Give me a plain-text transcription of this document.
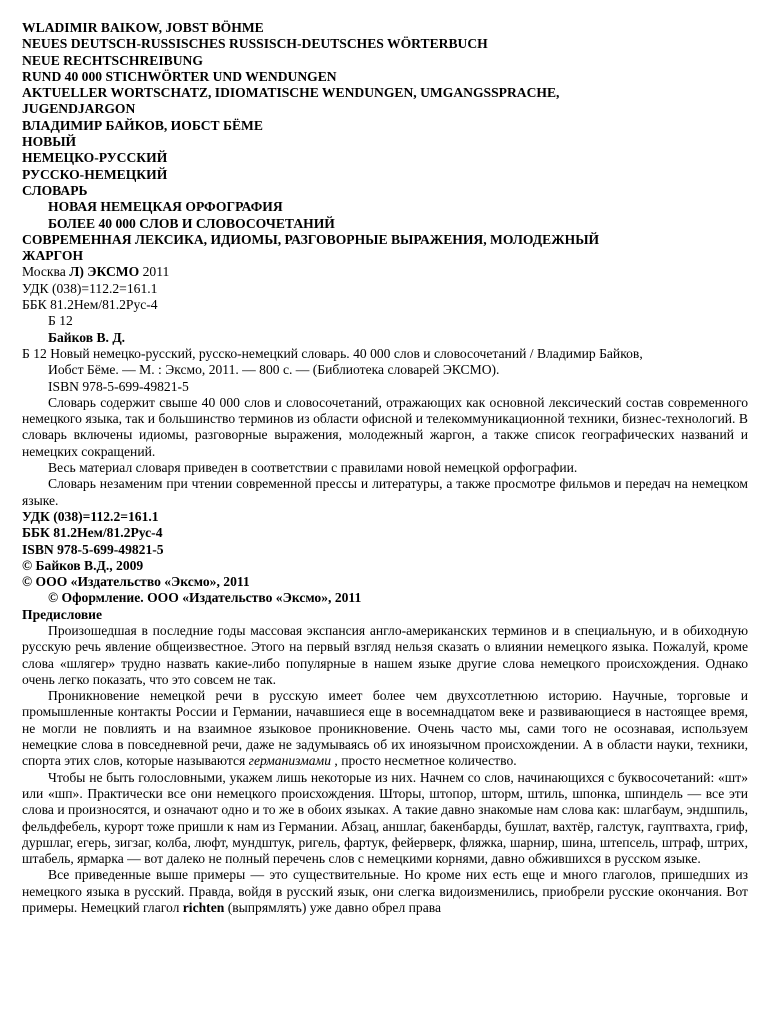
WLADIMIR BAIKOW, JOBST BÖHME
NEUES DEUTSCH-RUSSISCHES RUSSISCH-DEUTSCHES WÖRTERBUCH
NEUE RECHTSCHREIBUNG
RUND 40 000 STICHWÖRTER UND WENDUNGEN
AKTUELLER WORTSCHATZ, IDIOMATISCHE WENDUNGEN, UMGANGSSPRACHE,
JUGENDJARGON
ВЛАДИМИР БАЙКОВ, ИОБСТ БЁМЕ
НОВЫЙ
НЕМЕЦКО-РУССКИЙ
РУССКО-НЕМЕЦКИЙ
СЛОВАРЬ
НОВАЯ НЕМЕЦКАЯ ОРФОГРАФИЯ
БОЛЕЕ 40 000 СЛОВ И СЛОВОСОЧЕТАНИЙ
СОВРЕМЕННАЯ ЛЕКСИКА, ИДИОМЫ, РАЗГОВОРНЫЕ ВЫРАЖЕНИЯ, МОЛОДЕЖНЫЙ
ЖАРГОН
Москва Л) ЭКСМО 2011
УДК (038)=112.2=161.1
ББК 81.2Нем/81.2Рус-4
Б 12
Байков В. Д.
Б 12 Новый немецко-русский, русско-немецкий словарь. 40 000 слов и словосочетаний / Владимир Байков,
Иобст Бёме. — М. : Эксмо, 2011. — 800 с. — (Библиотека словарей ЭКСМО).
ISBN 978-5-699-49821-5
Словарь содержит свыше 40 000 слов и словосочетаний, отражающих как основной лексический состав современного немецкого языка, так и большинство терминов из области офисной и телекоммуникационной техники, бизнес-технологий. В словарь включены идиомы, разговорные выражения, молодежный жаргон, а также список географических названий и немецких сокращений.
Весь материал словаря приведен в соответствии с правилами новой немецкой орфографии.
Словарь незаменим при чтении современной прессы и литературы, а также просмотре фильмов и передач на немецком языке.
УДК (038)=112.2=161.1
ББК 81.2Нем/81.2Рус-4
ISBN 978-5-699-49821-5
© Байков В.Д., 2009
© ООО «Издательство «Эксмо», 2011
© Оформление. ООО «Издательство «Эксмо», 2011
Предисловие
Произошедшая в последние годы массовая экспансия англо-американских терминов и в специальную, и в обиходную русскую речь явление общеизвестное. Этого на первый взгляд нельзя сказать о влиянии немецкого языка. Пожалуй, кроме слова «шлягер» трудно назвать какие-либо популярные в нашем языке другие слова немецкого происхождения. Однако очень легко показать, что это совсем не так.
Проникновение немецкой речи в русскую имеет более чем двухсотлетнюю историю. Научные, торговые и промышленные контакты России и Германии, начавшиеся еще в восемнадцатом веке и развивающиеся в настоящее время, не могли не повлиять и на взаимное языковое проникновение. Очень часто мы, сами того не осознавая, используем немецкие слова в повседневной речи, даже не задумываясь об их иноязычном происхождении. А в области науки, техники, спорта этих слов, которые называются германизмами , просто несметное количество.
Чтобы не быть голословными, укажем лишь некоторые из них. Начнем со слов, начинающихся с буквосочетаний: «шт» или «шп». Практически все они немецкого происхождения. Шторы, штопор, шторм, штиль, шпонка, шпиндель — все эти слова и произносятся, и означают одно и то же в обоих языках. А такие давно знакомые нам слова как: шлагбаум, эндшпиль, фельдфебель, курорт тоже пришли к нам из Германии. Абзац, аншлаг, бакенбарды, бушлат, вахтёр, галстук, гауптвахта, гриф, дуршлаг, егерь, зигзаг, колба, люфт, мундштук, ригель, фартук, фейерверк, фляжка, шарнир, шина, штепсель, штраф, штрих, штабель, ярмарка — вот далеко не полный перечень слов с немецкими корнями, давно обжившихся в русском языке.
Все приведенные выше примеры — это существительные. Но кроме них есть еще и много глаголов, пришедших из немецкого языка в русский. Правда, войдя в русский язык, они слегка видоизменились, приобрели русские окончания. Вот примеры. Немецкий глагол richten (выпрямлять) уже давно обрел права
